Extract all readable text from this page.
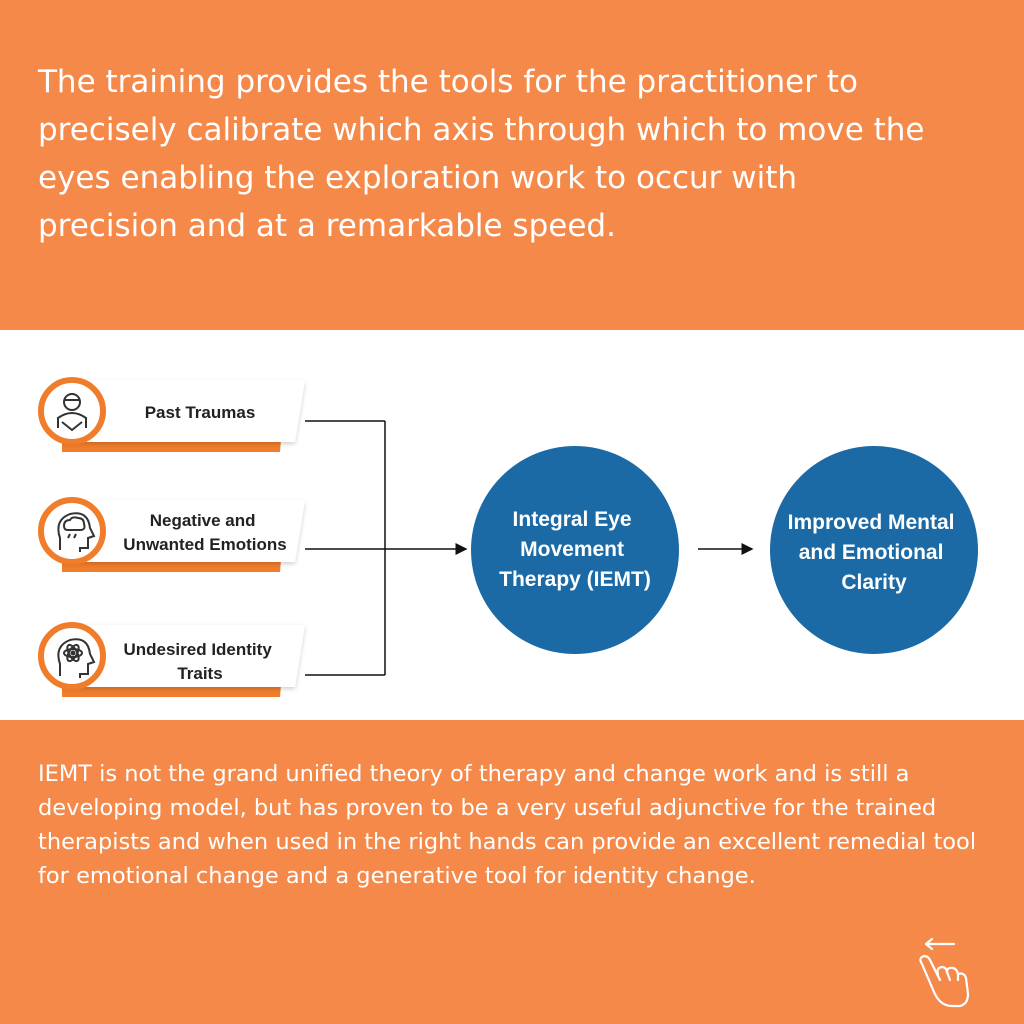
The training provides the tools for the practitioner to precisely calibrate which axis through which to move the eyes enabling the exploration work to occur with precision and at a remarkable speed.

Past Traumas
Negative and Unwanted Emotions
Undesired Identity Traits
Integral Eye Movement Therapy (IEMT)
Improved Mental and Emotional Clarity

IEMT is not the grand unified theory of therapy and change work and is still a developing model, but has proven to be a very useful adjunctive for the trained therapists and when used in the right hands can provide an excellent remedial tool for emotional change and a generative tool for identity change.
